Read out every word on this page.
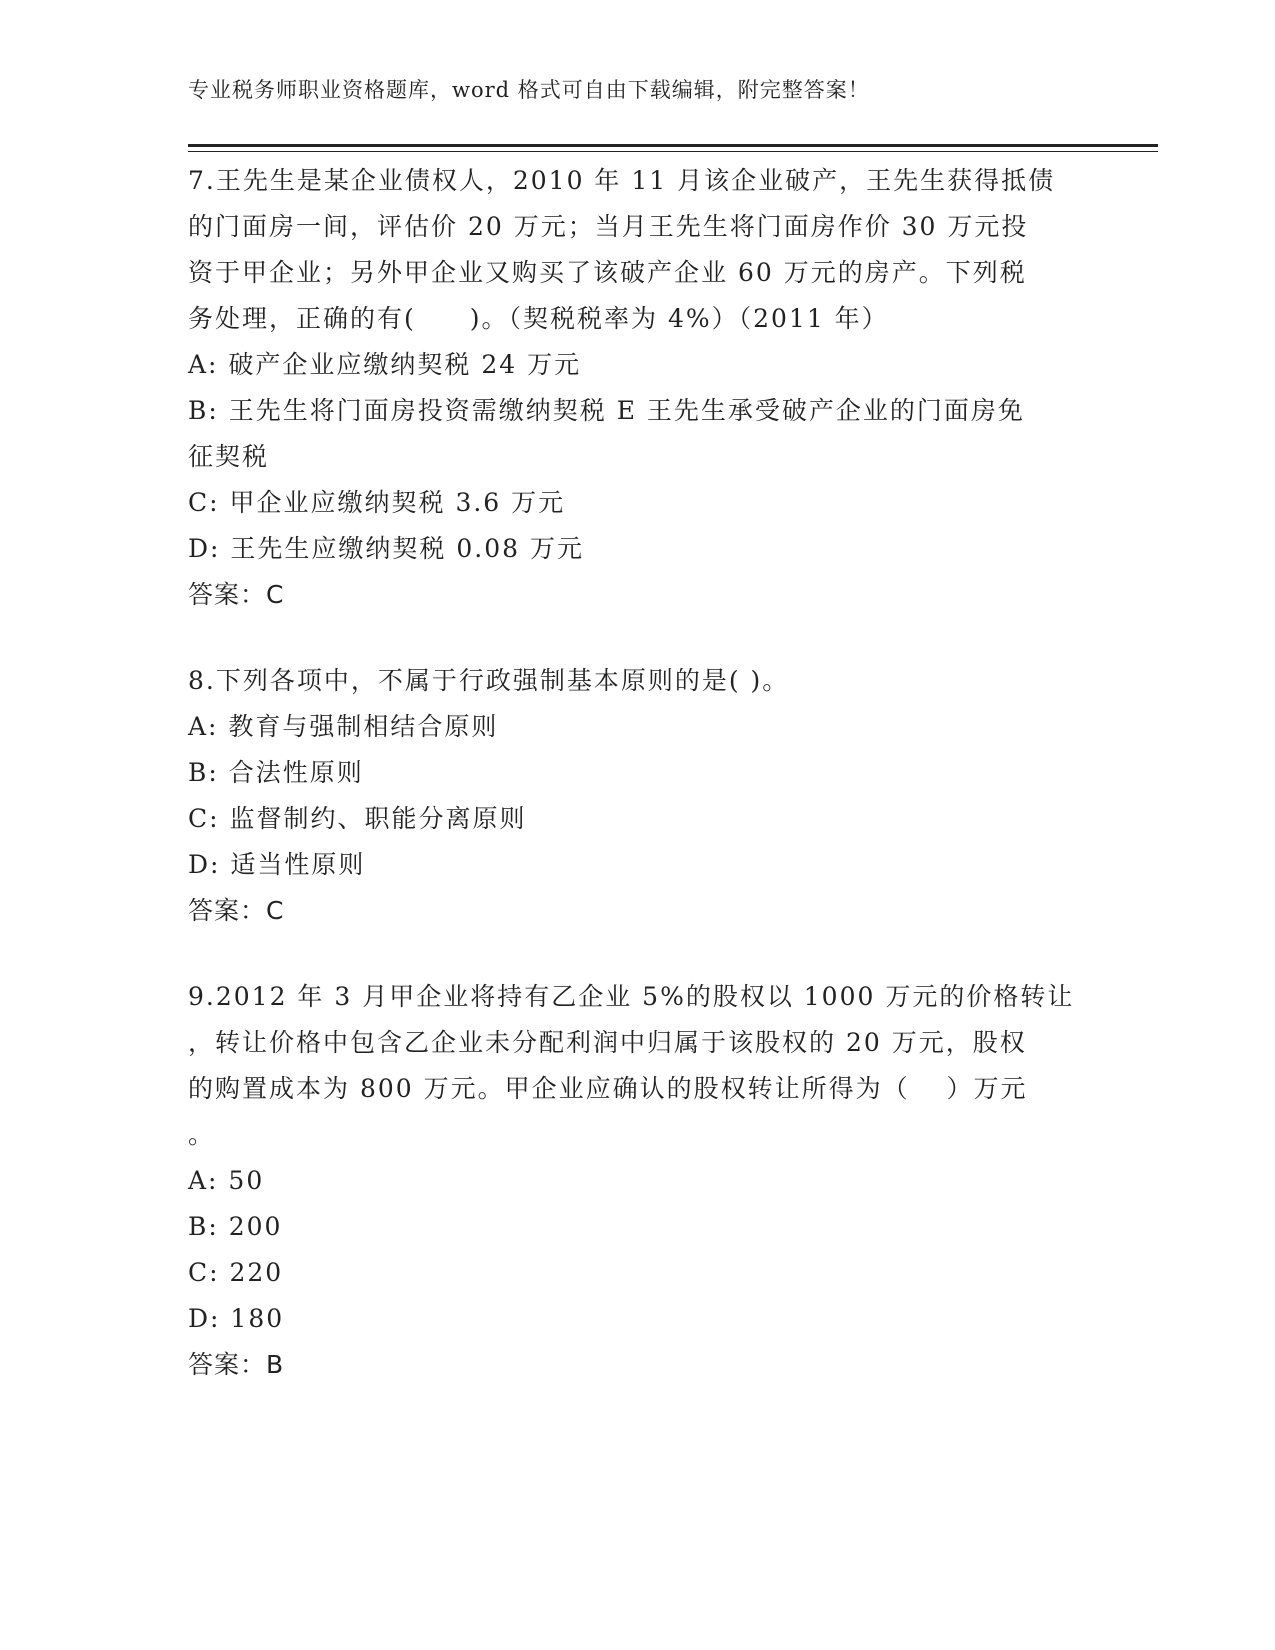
专业税务师职业资格题库，word 格式可自由下载编辑，附完整答案！

7.王先生是某企业债权人，2010 年 11 月该企业破产，王先生获得抵债
的门面房一间，评估价 20 万元；当月王先生将门面房作价 30 万元投
资于甲企业；另外甲企业又购买了该破产企业 60 万元的房产。下列税
务处理，正确的有(　　)。（契税税率为 4%）（2011 年）

A: 破产企业应缴纳契税 24 万元

B: 王先生将门面房投资需缴纳契税 E 王先生承受破产企业的门面房免
征契税

C: 甲企业应缴纳契税 3.6 万元

D: 王先生应缴纳契税 0.08 万元

答案：C

8.下列各项中，不属于行政强制基本原则的是( )。

A: 教育与强制相结合原则

B: 合法性原则

C: 监督制约、职能分离原则

D: 适当性原则

答案：C

9.2012 年 3 月甲企业将持有乙企业 5%的股权以 1000 万元的价格转让
，转让价格中包含乙企业未分配利润中归属于该股权的 20 万元，股权
的购置成本为 800 万元。甲企业应确认的股权转让所得为（　 ）万元
。

A: 50

B: 200

C: 220

D: 180

答案：B
